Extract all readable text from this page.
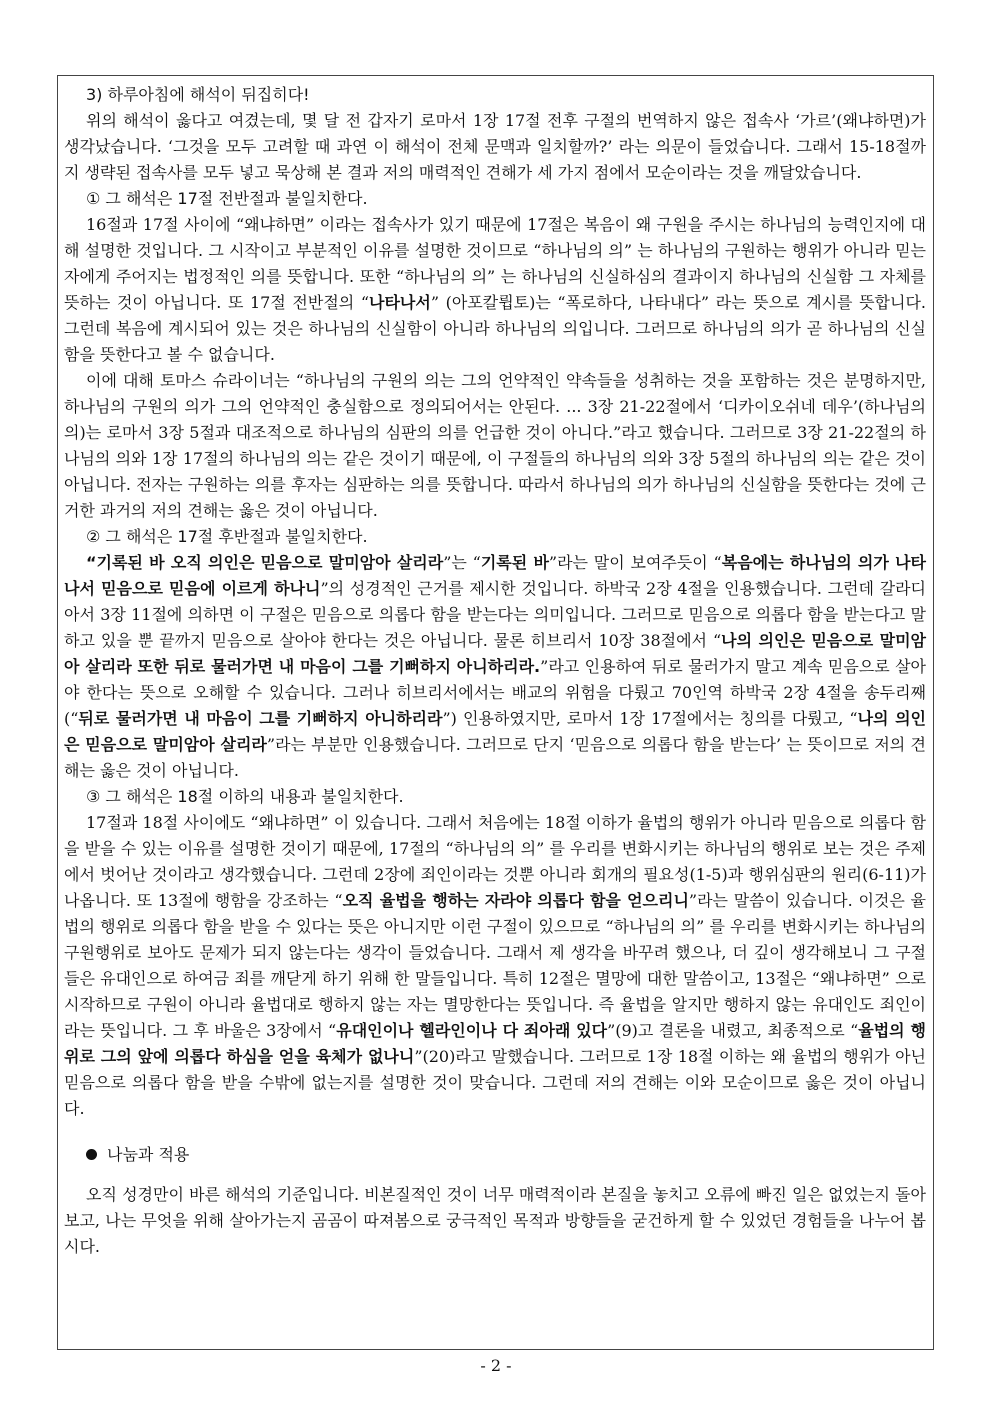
3) 하루아침에 해석이 뒤집히다!

위의 해석이 옳다고 여겼는데, 몇 달 전 갑자기 로마서 1장 17절 전후 구절의 번역하지 않은 접속사 ‘가르’(왜냐하면)가 생각났습니다. ‘그것을 모두 고려할 때 과연 이 해석이 전체 문맥과 일치할까?’ 라는 의문이 들었습니다. 그래서 15-18절까지 생략된 접속사를 모두 넣고 묵상해 본 결과 저의 매력적인 견해가 세 가지 점에서 모순이라는 것을 깨달았습니다.

① 그 해석은 17절 전반절과 불일치한다.

16절과 17절 사이에 “왜냐하면” 이라는 접속사가 있기 때문에 17절은 복음이 왜 구원을 주시는 하나님의 능력인지에 대해 설명한 것입니다. 그 시작이고 부분적인 이유를 설명한 것이므로 “하나님의 의” 는 하나님의 구원하는 행위가 아니라 믿는 자에게 주어지는 법정적인 의를 뜻합니다. 또한 “하나님의 의” 는 하나님의 신실하심의 결과이지 하나님의 신실함 그 자체를 뜻하는 것이 아닙니다. 또 17절 전반절의 “나타나서” (아포칼륍토)는 “폭로하다, 나타내다” 라는 뜻으로 계시를 뜻합니다. 그런데 복음에 계시되어 있는 것은 하나님의 신실함이 아니라 하나님의 의입니다. 그러므로 하나님의 의가 곧 하나님의 신실함을 뜻한다고 볼 수 없습니다.

이에 대해 토마스 슈라이너는 “하나님의 구원의 의는 그의 언약적인 약속들을 성취하는 것을 포함하는 것은 분명하지만, 하나님의 구원의 의가 그의 언약적인 충실함으로 정의되어서는 안된다. ... 3장 21-22절에서 ‘디카이오쉬네 데우’(하나님의 의)는 로마서 3장 5절과 대조적으로 하나님의 심판의 의를 언급한 것이 아니다.”라고 했습니다. 그러므로 3장 21-22절의 하나님의 의와 1장 17절의 하나님의 의는 같은 것이기 때문에, 이 구절들의 하나님의 의와 3장 5절의 하나님의 의는 같은 것이 아닙니다. 전자는 구원하는 의를 후자는 심판하는 의를 뜻합니다. 따라서 하나님의 의가 하나님의 신실함을 뜻한다는 것에 근거한 과거의 저의 견해는 옳은 것이 아닙니다.

② 그 해석은 17절 후반절과 불일치한다.

“기록된 바 오직 의인은 믿음으로 말미암아 살리라”는 “기록된 바”라는 말이 보여주듯이 “복음에는 하나님의 의가 나타나서 믿음으로 믿음에 이르게 하나니”의 성경적인 근거를 제시한 것입니다. 하박국 2장 4절을 인용했습니다. 그런데 갈라디아서 3장 11절에 의하면 이 구절은 믿음으로 의롭다 함을 받는다는 의미입니다. 그러므로 믿음으로 의롭다 함을 받는다고 말하고 있을 뿐 끝까지 믿음으로 살아야 한다는 것은 아닙니다. 물론 히브리서 10장 38절에서 “나의 의인은 믿음으로 말미암아 살리라 또한 뒤로 물러가면 내 마음이 그를 기뻐하지 아니하리라.”라고 인용하여 뒤로 물러가지 말고 계속 믿음으로 살아야 한다는 뜻으로 오해할 수 있습니다. 그러나 히브리서에서는 배교의 위험을 다뤘고 70인역 하박국 2장 4절을 송두리째(“뒤로 물러가면 내 마음이 그를 기뻐하지 아니하리라”) 인용하였지만, 로마서 1장 17절에서는 칭의를 다뤘고, “나의 의인은 믿음으로 말미암아 살리라”라는 부분만 인용했습니다. 그러므로 단지 ‘믿음으로 의롭다 함을 받는다’ 는 뜻이므로 저의 견해는 옳은 것이 아닙니다.

③ 그 해석은 18절 이하의 내용과 불일치한다.

17절과 18절 사이에도 “왜냐하면” 이 있습니다. 그래서 처음에는 18절 이하가 율법의 행위가 아니라 믿음으로 의롭다 함을 받을 수 있는 이유를 설명한 것이기 때문에, 17절의 “하나님의 의” 를 우리를 변화시키는 하나님의 행위로 보는 것은 주제에서 벗어난 것이라고 생각했습니다. 그런데 2장에 죄인이라는 것뿐 아니라 회개의 필요성(1-5)과 행위심판의 원리(6-11)가 나옵니다. 또 13절에 행함을 강조하는 “오직 율법을 행하는 자라야 의롭다 함을 얻으리니”라는 말씀이 있습니다. 이것은 율법의 행위로 의롭다 함을 받을 수 있다는 뜻은 아니지만 이런 구절이 있으므로 “하나님의 의” 를 우리를 변화시키는 하나님의 구원행위로 보아도 문제가 되지 않는다는 생각이 들었습니다. 그래서 제 생각을 바꾸려 했으나, 더 깊이 생각해보니 그 구절들은 유대인으로 하여금 죄를 깨닫게 하기 위해 한 말들입니다. 특히 12절은 멸망에 대한 말씀이고, 13절은 “왜냐하면” 으로 시작하므로 구원이 아니라 율법대로 행하지 않는 자는 멸망한다는 뜻입니다. 즉 율법을 알지만 행하지 않는 유대인도 죄인이라는 뜻입니다. 그 후 바울은 3장에서 “유대인이나 헬라인이나 다 죄아래 있다”(9)고 결론을 내렸고, 최종적으로 “율법의 행위로 그의 앞에 의롭다 하심을 얻을 육체가 없나니”(20)라고 말했습니다. 그러므로 1장 18절 이하는 왜 율법의 행위가 아닌 믿음으로 의롭다 함을 받을 수밖에 없는지를 설명한 것이 맞습니다. 그런데 저의 견해는 이와 모순이므로 옳은 것이 아닙니다.

나눔과 적용

오직 성경만이 바른 해석의 기준입니다. 비본질적인 것이 너무 매력적이라 본질을 놓치고 오류에 빠진 일은 없었는지 돌아보고, 나는 무엇을 위해 살아가는지 곰곰이 따져봄으로 궁극적인 목적과 방향들을 굳건하게 할 수 있었던 경험들을 나누어 봅시다.

- 2 -
